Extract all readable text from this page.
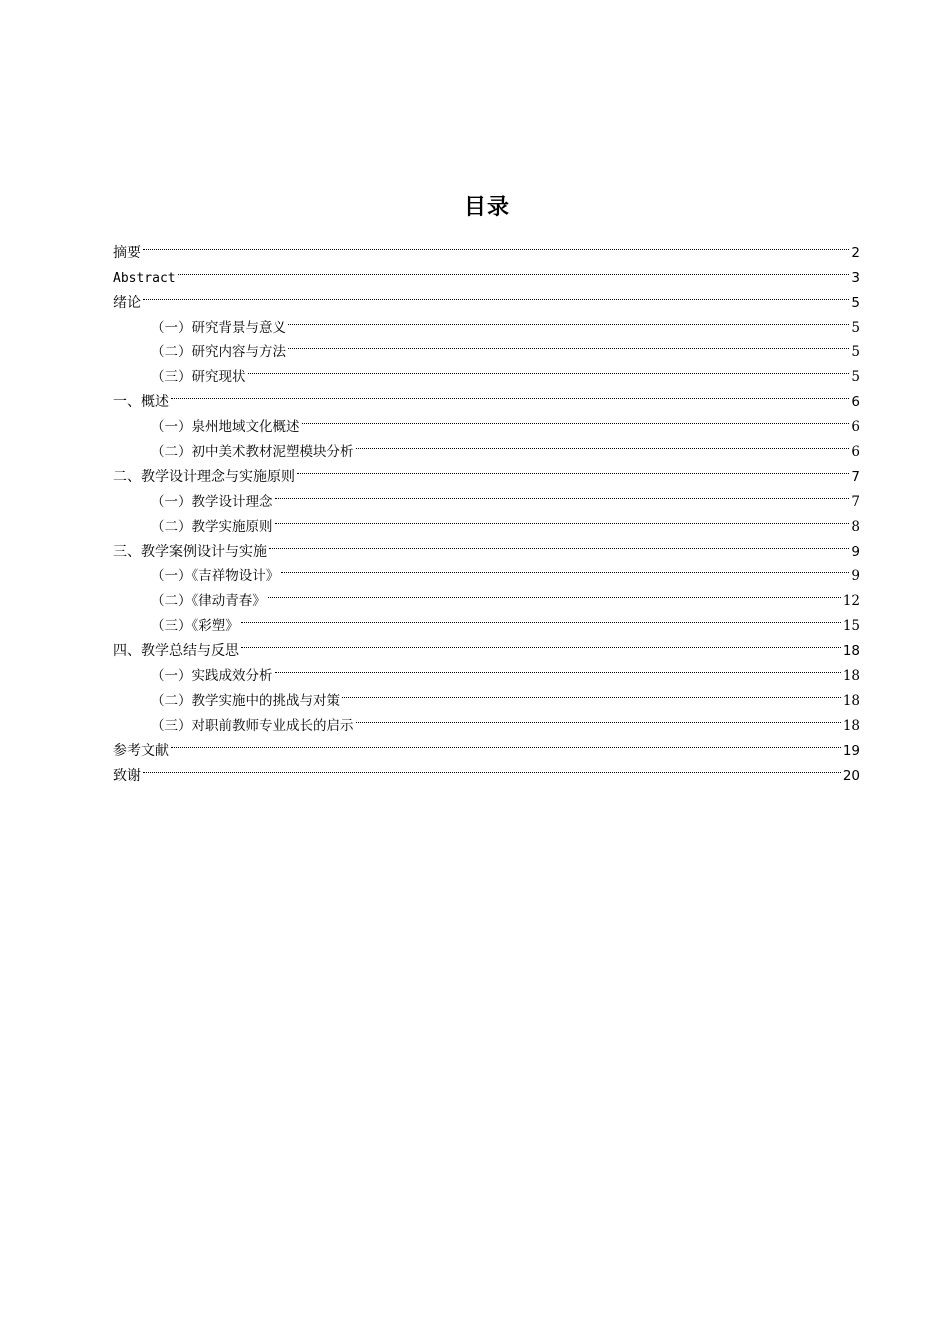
目录
摘要	2
Abstract	3
绪论	5
（一）研究背景与意义	5
（二）研究内容与方法	5
（三）研究现状	5
一、概述	6
（一）泉州地域文化概述	6
（二）初中美术教材泥塑模块分析	6
二、教学设计理念与实施原则	7
（一）教学设计理念	7
（二）教学实施原则	8
三、教学案例设计与实施	9
（一）《吉祥物设计》	9
（二）《律动青春》	12
（三）《彩塑》	15
四、教学总结与反思	18
（一）实践成效分析	18
（二）教学实施中的挑战与对策	18
（三）对职前教师专业成长的启示	18
参考文献	19
致谢	20
